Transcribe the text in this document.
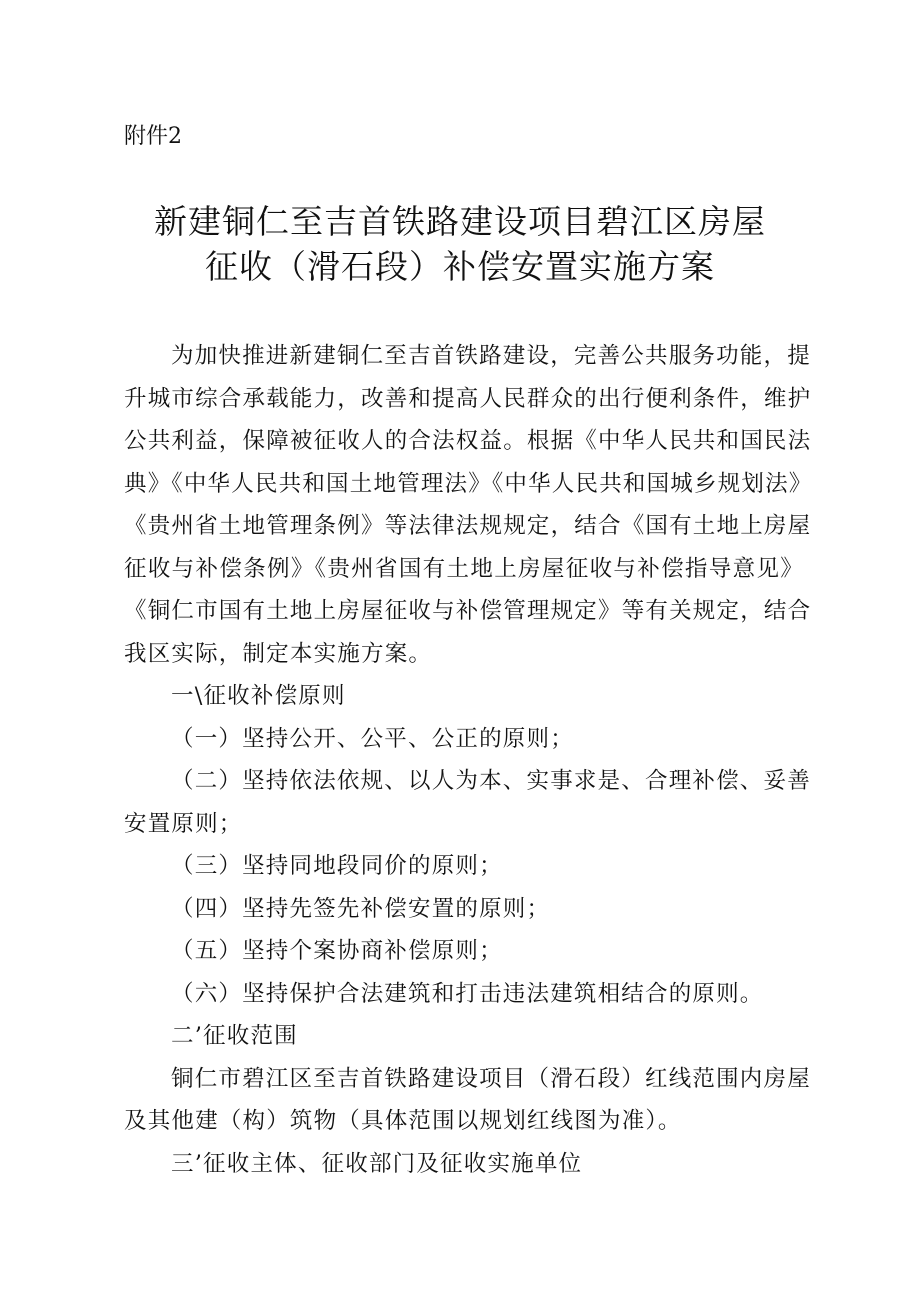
附件2
新建铜仁至吉首铁路建设项目碧江区房屋
征收（滑石段）补偿安置实施方案
为加快推进新建铜仁至吉首铁路建设，完善公共服务功能，提
升城市综合承载能力，改善和提高人民群众的出行便利条件，维护
公共利益，保障被征收人的合法权益。根据《中华人民共和国民法
典》《中华人民共和国土地管理法》《中华人民共和国城乡规划法》
《贵州省土地管理条例》等法律法规规定，结合《国有土地上房屋
征收与补偿条例》《贵州省国有土地上房屋征收与补偿指导意见》
《铜仁市国有土地上房屋征收与补偿管理规定》等有关规定，结合
我区实际，制定本实施方案。
一\征收补偿原则
（一）坚持公开、公平、公正的原则；
（二）坚持依法依规、以人为本、实事求是、合理补偿、妥善
安置原则；
（三）坚持同地段同价的原则；
（四）坚持先签先补偿安置的原则；
（五）坚持个案协商补偿原则；
（六）坚持保护合法建筑和打击违法建筑相结合的原则。
二’征收范围
铜仁市碧江区至吉首铁路建设项目（滑石段）红线范围内房屋
及其他建（构）筑物（具体范围以规划红线图为准）。
三’征收主体、征收部门及征收实施单位
